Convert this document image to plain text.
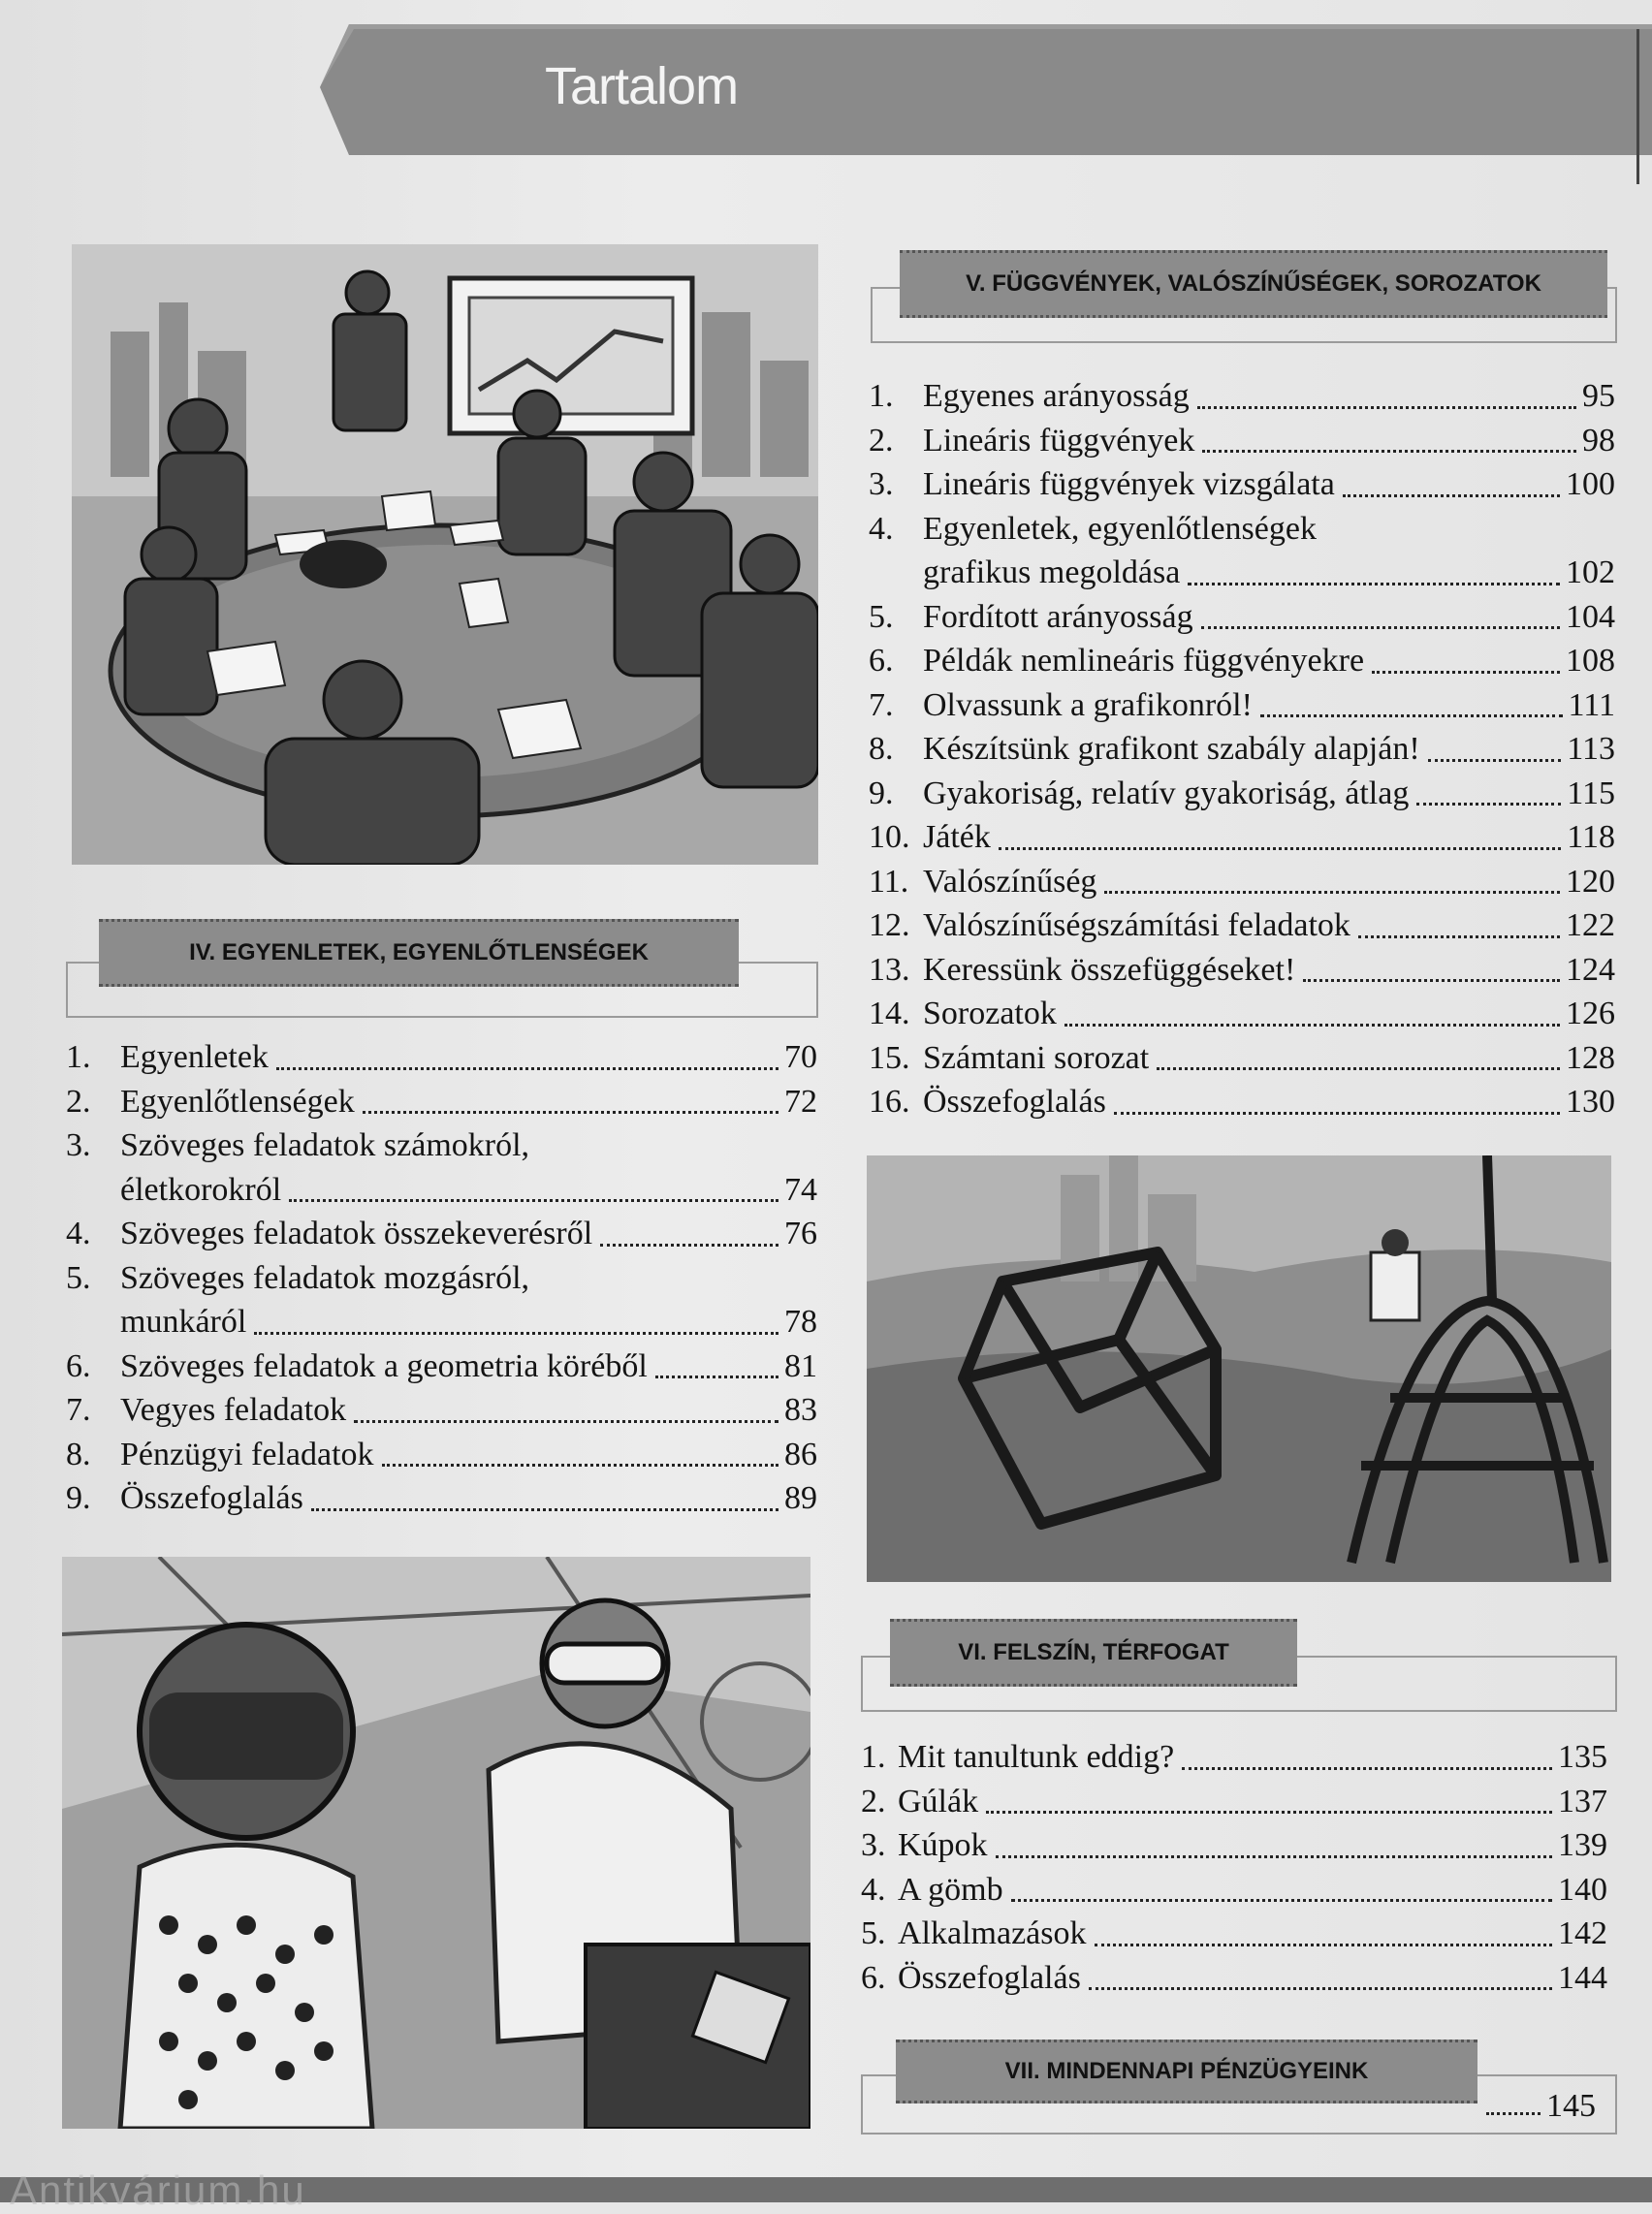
Tartalom
IV. EGYENLETEK, EGYENLŐTLENSÉGEK
1. Egyenletek	70
2. Egyenlőtlenségek	72
3. Szöveges feladatok számokról,
életkorokról	74
4. Szöveges feladatok összekeverésről	76
5. Szöveges feladatok mozgásról,
munkáról	78
6. Szöveges feladatok a geometria köréből	81
7. Vegyes feladatok	83
8. Pénzügyi feladatok	86
9. Összefoglalás	89
V. FÜGGVÉNYEK, VALÓSZÍNŰSÉGEK, SOROZATOK
1. Egyenes arányosság	95
2. Lineáris függvények	98
3. Lineáris függvények vizsgálata	100
4. Egyenletek, egyenlőtlenségek
grafikus megoldása	102
5. Fordított arányosság	104
6. Példák nemlineáris függvényekre	108
7. Olvassunk a grafikonról!	111
8. Készítsünk grafikont szabály alapján!	113
9. Gyakoriság, relatív gyakoriság, átlag	115
10. Játék	118
11. Valószínűség	120
12. Valószínűségszámítási feladatok	122
13. Keressünk összefüggéseket!	124
14. Sorozatok	126
15. Számtani sorozat	128
16. Összefoglalás	130
VI. FELSZÍN, TÉRFOGAT
1. Mit tanultunk eddig?	135
2. Gúlák	137
3. Kúpok	139
4. A gömb	140
5. Alkalmazások	142
6. Összefoglalás	144
VII. MINDENNAPI PÉNZÜGYEINK
145
Antikvárium.hu
